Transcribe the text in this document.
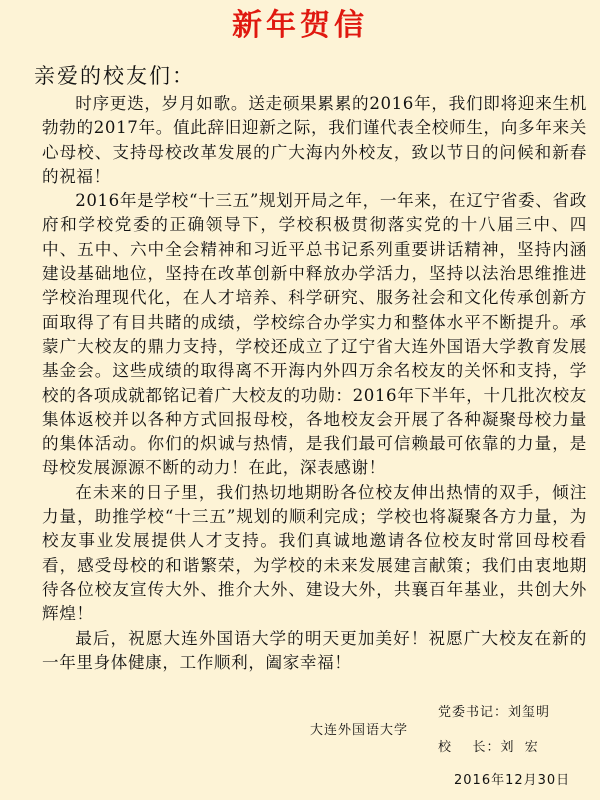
新年贺信
亲爱的校友们：

时序更迭，岁月如歌。送走硕果累累的2016年，我们即将迎来生机勃勃的2017年。值此辞旧迎新之际，我们谨代表全校师生，向多年来关心母校、支持母校改革发展的广大海内外校友，致以节日的问候和新春的祝福！

2016年是学校“十三五”规划开局之年，一年来，在辽宁省委、省政府和学校党委的正确领导下，学校积极贯彻落实党的十八届三中、四中、五中、六中全会精神和习近平总书记系列重要讲话精神，坚持内涵建设基础地位，坚持在改革创新中释放办学活力，坚持以法治思维推进学校治理现代化，在人才培养、科学研究、服务社会和文化传承创新方面取得了有目共睹的成绩，学校综合办学实力和整体水平不断提升。承蒙广大校友的鼎力支持，学校还成立了辽宁省大连外国语大学教育发展基金会。这些成绩的取得离不开海内外四万余名校友的关怀和支持，学校的各项成就都铭记着广大校友的功勋：2016年下半年，十几批次校友集体返校并以各种方式回报母校，各地校友会开展了各种凝聚母校力量的集体活动。你们的炽诚与热情，是我们最可信赖最可依靠的力量，是母校发展源源不断的动力！在此，深表感谢！

在未来的日子里，我们热切地期盼各位校友伸出热情的双手，倾注力量，助推学校“十三五”规划的顺利完成；学校也将凝聚各方力量，为校友事业发展提供人才支持。我们真诚地邀请各位校友时常回母校看看，感受母校的和谐繁荣，为学校的未来发展建言献策；我们由衷地期待各位校友宣传大外、推介大外、建设大外，共襄百年基业，共创大外辉煌！

最后，祝愿大连外国语大学的明天更加美好！祝愿广大校友在新的一年里身体健康，工作顺利，阖家幸福！

党委书记：刘玺明
大连外国语大学
校    长：刘  宏
2016年12月30日
